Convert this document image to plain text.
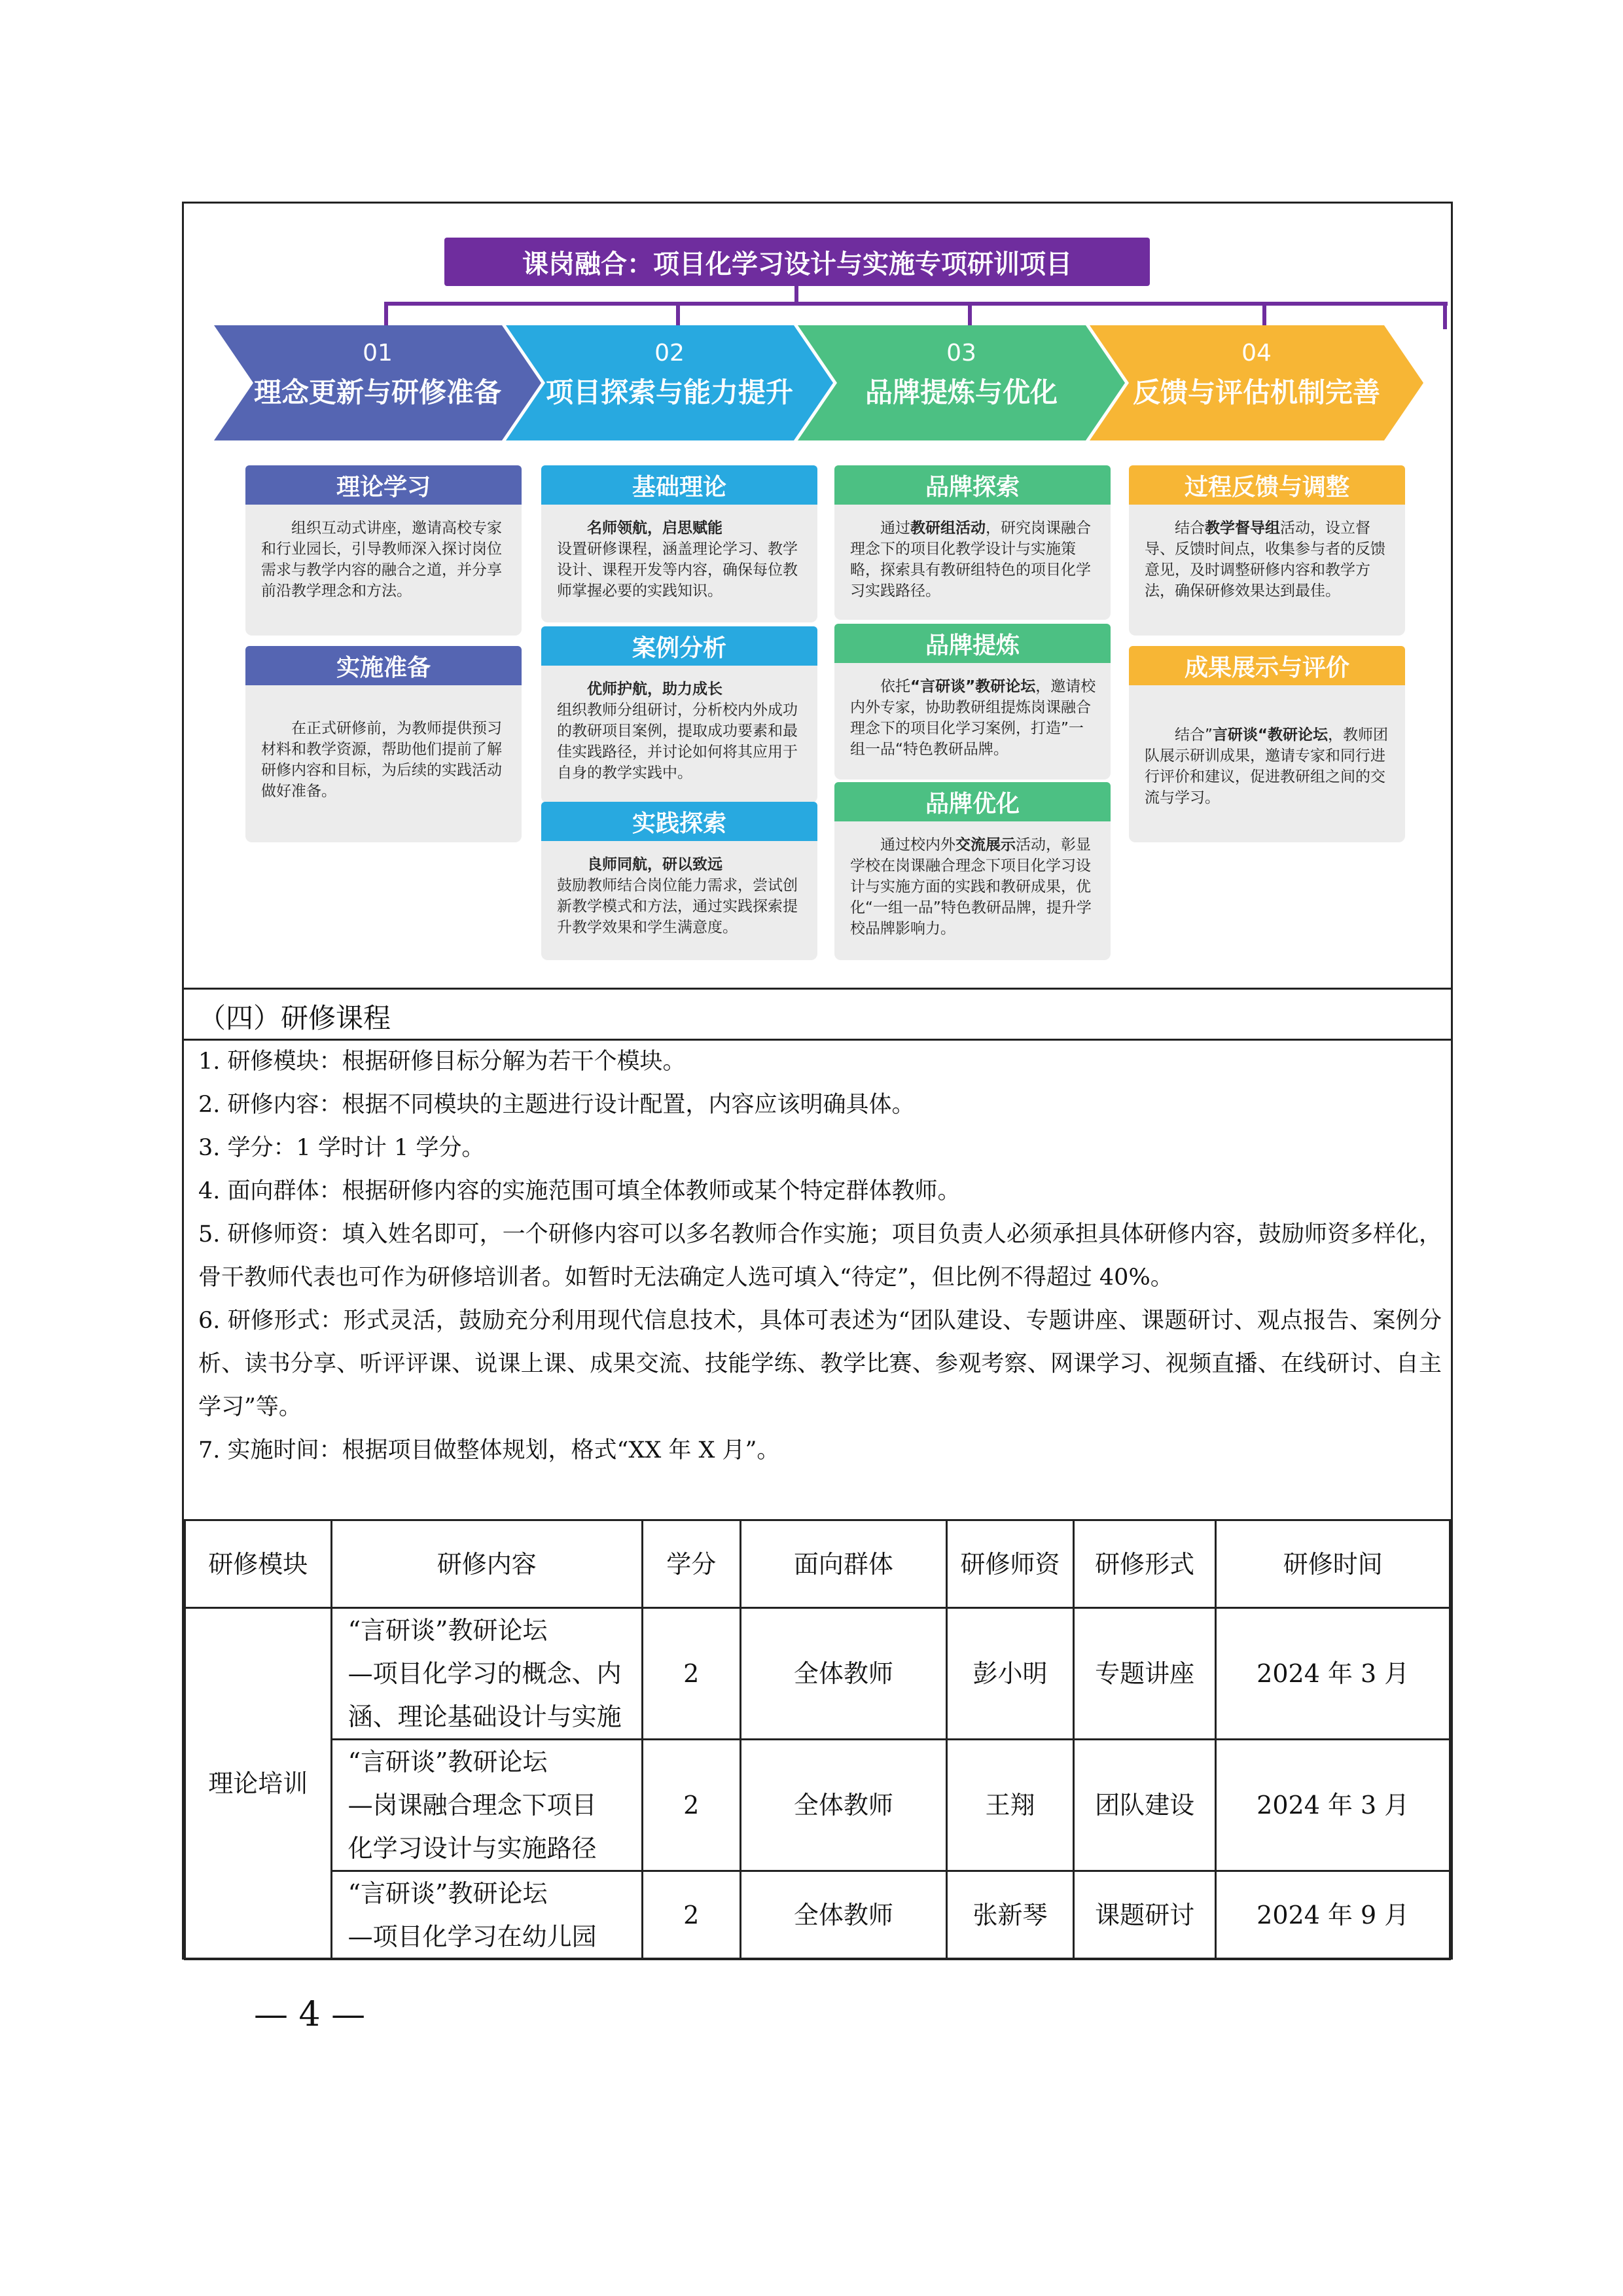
课岗融合：项目化学习设计与实施专项研训项目
01
理念更新与研修准备
02
项目探索与能力提升
03
品牌提炼与优化
04
反馈与评估机制完善
理论学习
组织互动式讲座，邀请高校专家和行业园长，引导教师深入探讨岗位需求与教学内容的融合之道，并分享前沿教学理念和方法。
实施准备
在正式研修前，为教师提供预习材料和教学资源，帮助他们提前了解研修内容和目标，为后续的实践活动做好准备。
基础理论
名师领航，启思赋能
设置研修课程，涵盖理论学习、教学设计、课程开发等内容，确保每位教师掌握必要的实践知识。
案例分析
优师护航，助力成长
组织教师分组研讨，分析校内外成功的教研项目案例，提取成功要素和最佳实践路径，并讨论如何将其应用于自身的教学实践中。
实践探索
良师同航，研以致远
鼓励教师结合岗位能力需求，尝试创新教学模式和方法，通过实践探索提升教学效果和学生满意度。
品牌探索
通过教研组活动，研究岗课融合理念下的项目化教学设计与实施策略，探索具有教研组特色的项目化学习实践路径。
品牌提炼
依托“言研谈”教研论坛，邀请校内外专家，协助教研组提炼岗课融合理念下的项目化学习案例，打造”一组一品“特色教研品牌。
品牌优化
通过校内外交流展示活动，彰显学校在岗课融合理念下项目化学习设计与实施方面的实践和教研成果，优化“一组一品”特色教研品牌，提升学校品牌影响力。
过程反馈与调整
结合教学督导组活动，设立督导、反馈时间点，收集参与者的反馈意见，及时调整研修内容和教学方法，确保研修效果达到最佳。
成果展示与评价
结合”言研谈“教研论坛，教师团队展示研训成果，邀请专家和同行进行评价和建议，促进教研组之间的交流与学习。
（四）研修课程

1. 研修模块：根据研修目标分解为若干个模块。

2. 研修内容：根据不同模块的主题进行设计配置，内容应该明确具体。

3. 学分：1 学时计 1 学分。

4. 面向群体：根据研修内容的实施范围可填全体教师或某个特定群体教师。

5. 研修师资：填入姓名即可，一个研修内容可以多名教师合作实施；项目负责人必须承担具体研修内容，鼓励师资多样化，骨干教师代表也可作为研修培训者。如暂时无法确定人选可填入“待定”，但比例不得超过 40%。

6. 研修形式：形式灵活，鼓励充分利用现代信息技术，具体可表述为“团队建设、专题讲座、课题研讨、观点报告、案例分析、读书分享、听评评课、说课上课、成果交流、技能学练、教学比赛、参观考察、网课学习、视频直播、在线研讨、自主学习”等。

7. 实施时间：根据项目做整体规划，格式“XX 年 X 月”。

研修模块	研修内容	学分	面向群体	研修师资	研修形式	研修时间
理论培训	“言研谈”教研论坛
—项目化学习的概念、内
涵、理论基础设计与实施	2	全体教师	彭小明	专题讲座	2024 年 3 月

	“言研谈”教研论坛
—岗课融合理念下项目
化学习设计与实施路径	2	全体教师	王翔	团队建设	2024 年 3 月

	“言研谈”教研论坛
—项目化学习在幼儿园	2	全体教师	张新琴	课题研讨	2024 年 9 月
— 4 —
